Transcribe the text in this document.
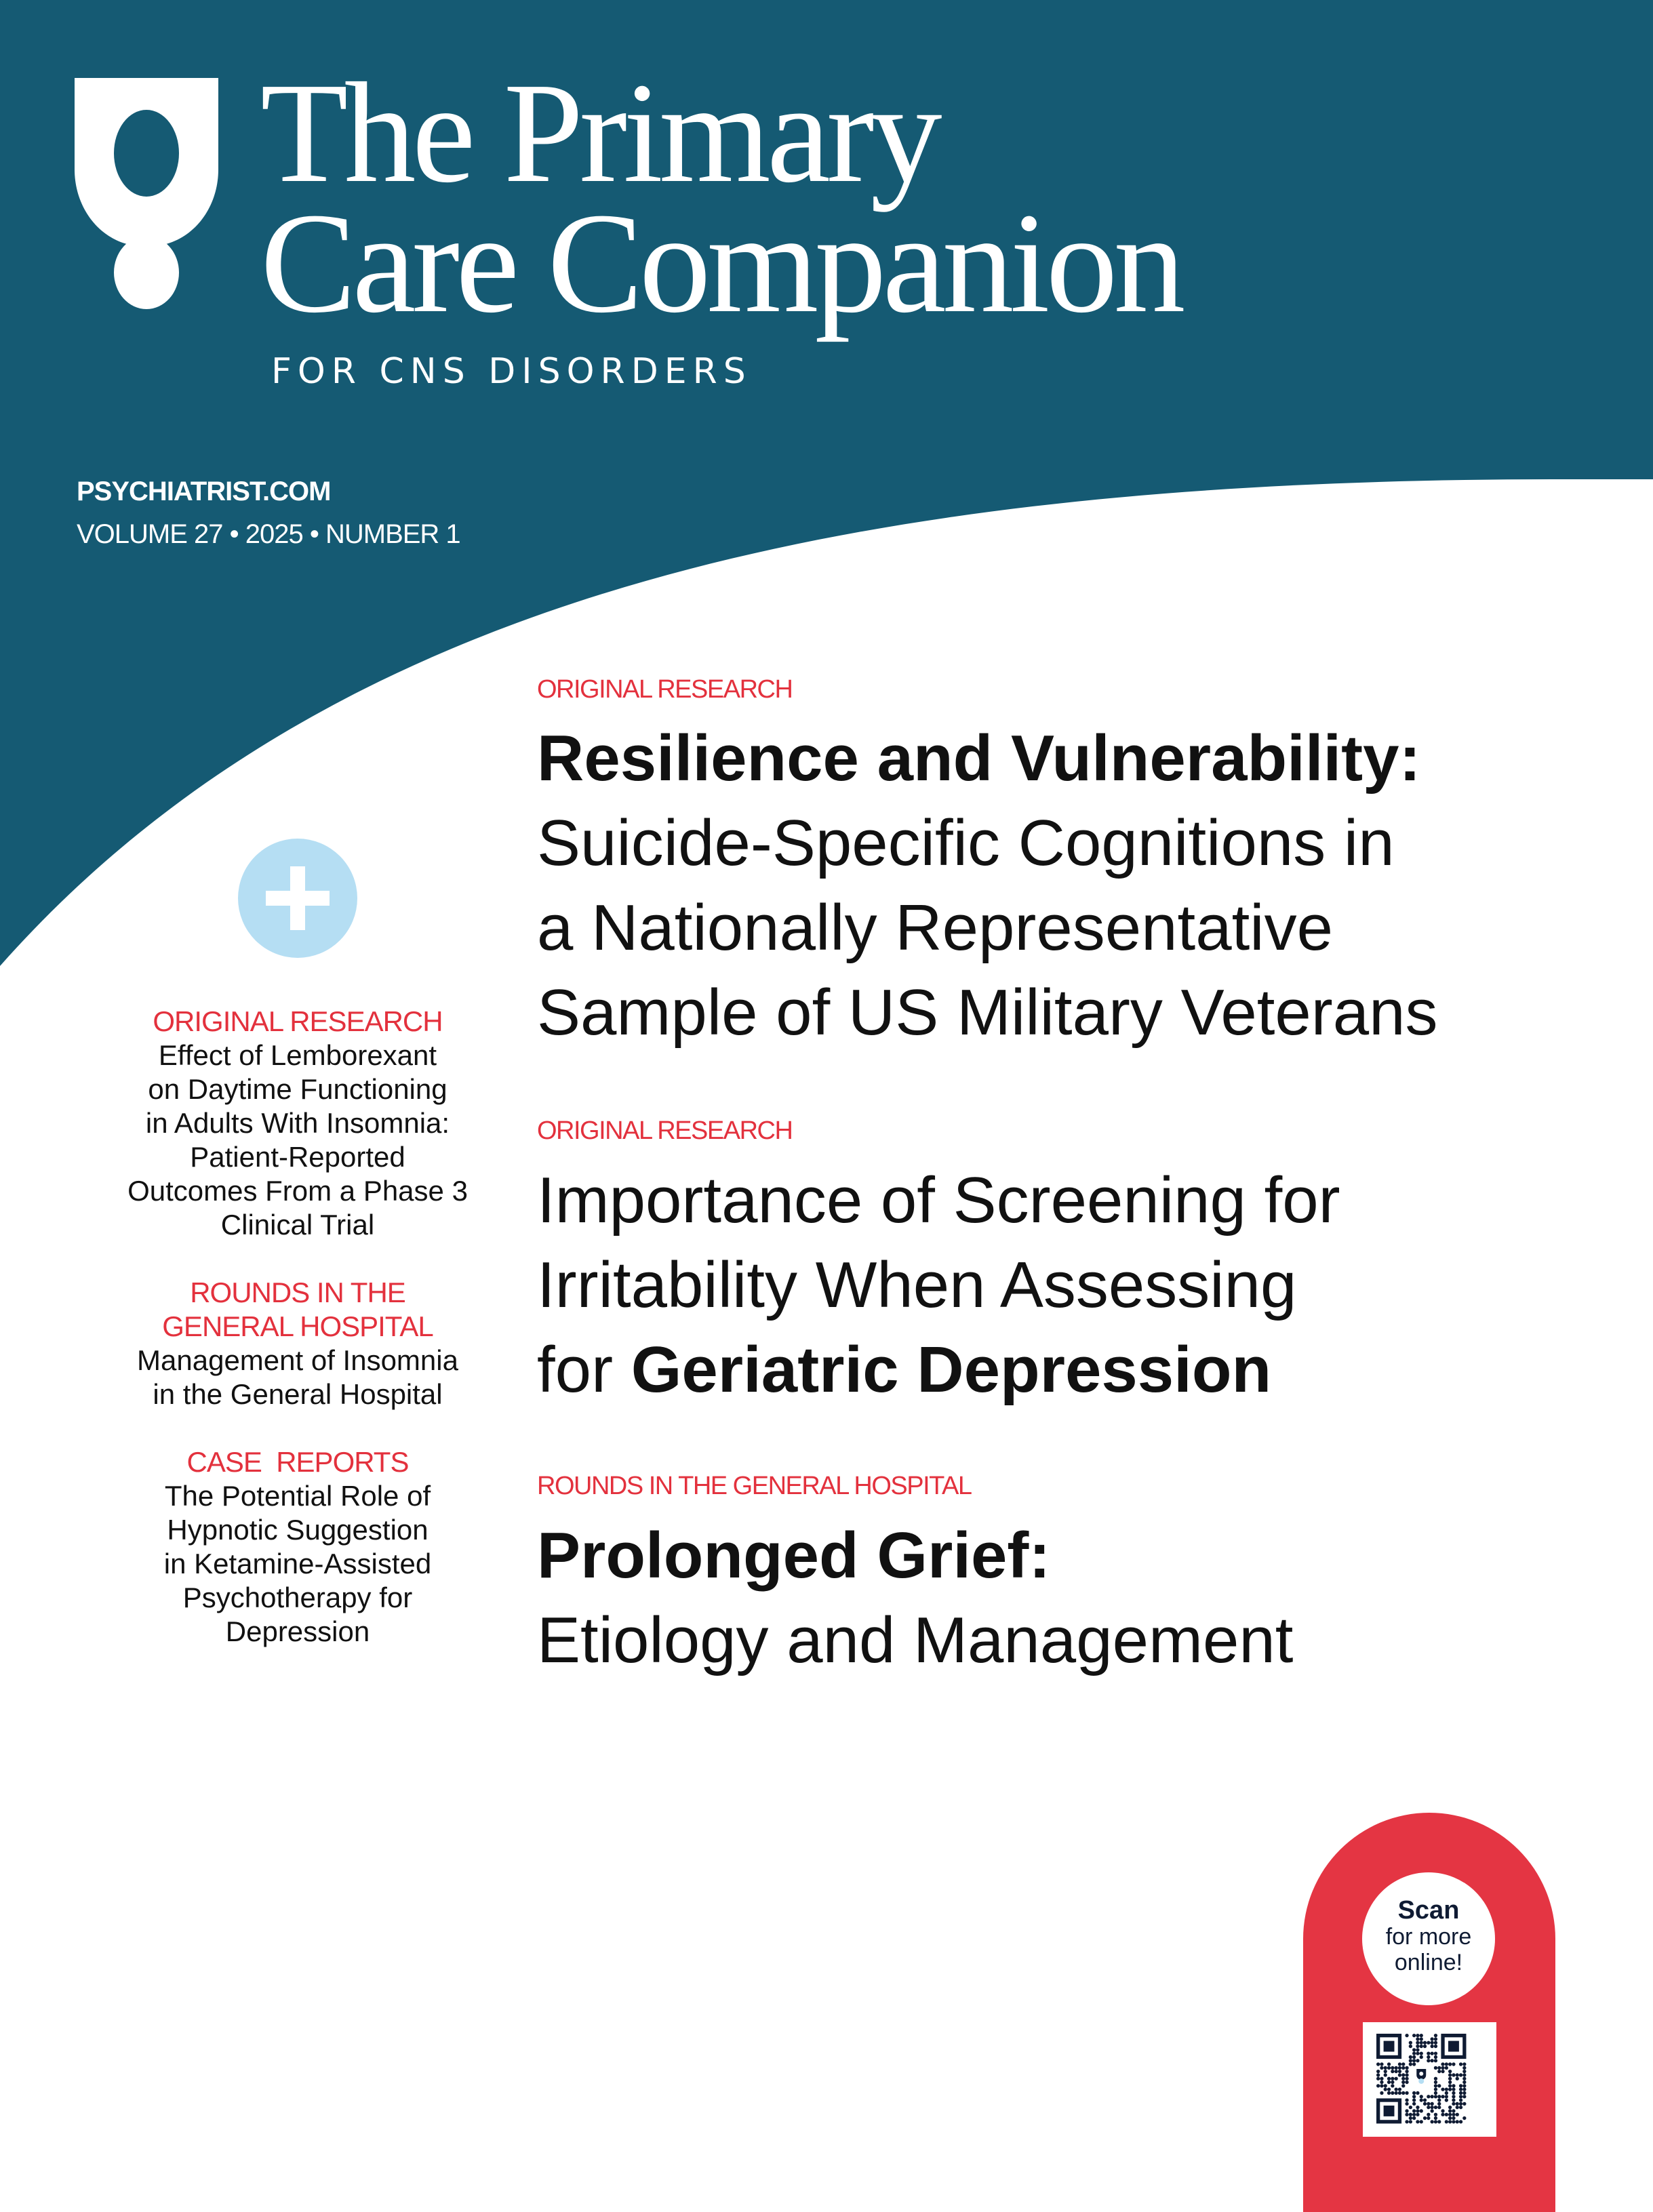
The Primary
Care Companion
FOR CNS DISORDERS
PSYCHIATRIST.COM
VOLUME 27 • 2025 • NUMBER 1
ORIGINAL RESEARCH
Resilience and Vulnerability:
Suicide-Specific Cognitions in
a Nationally Representative
Sample of US Military Veterans
ORIGINAL RESEARCH
Importance of Screening for
Irritability When Assessing
for Geriatric Depression
ROUNDS IN THE GENERAL HOSPITAL
Prolonged Grief:
Etiology and Management
ORIGINAL RESEARCH
Effect of Lemborexant
on Daytime Functioning
in Adults With Insomnia:
Patient-Reported
Outcomes From a Phase 3
Clinical Trial
ROUNDS IN THE
GENERAL HOSPITAL
Management of Insomnia
in the General Hospital
CASE  REPORTS
The Potential Role of
Hypnotic Suggestion
in Ketamine-Assisted
Psychotherapy for
Depression
Scan
for more
online!
